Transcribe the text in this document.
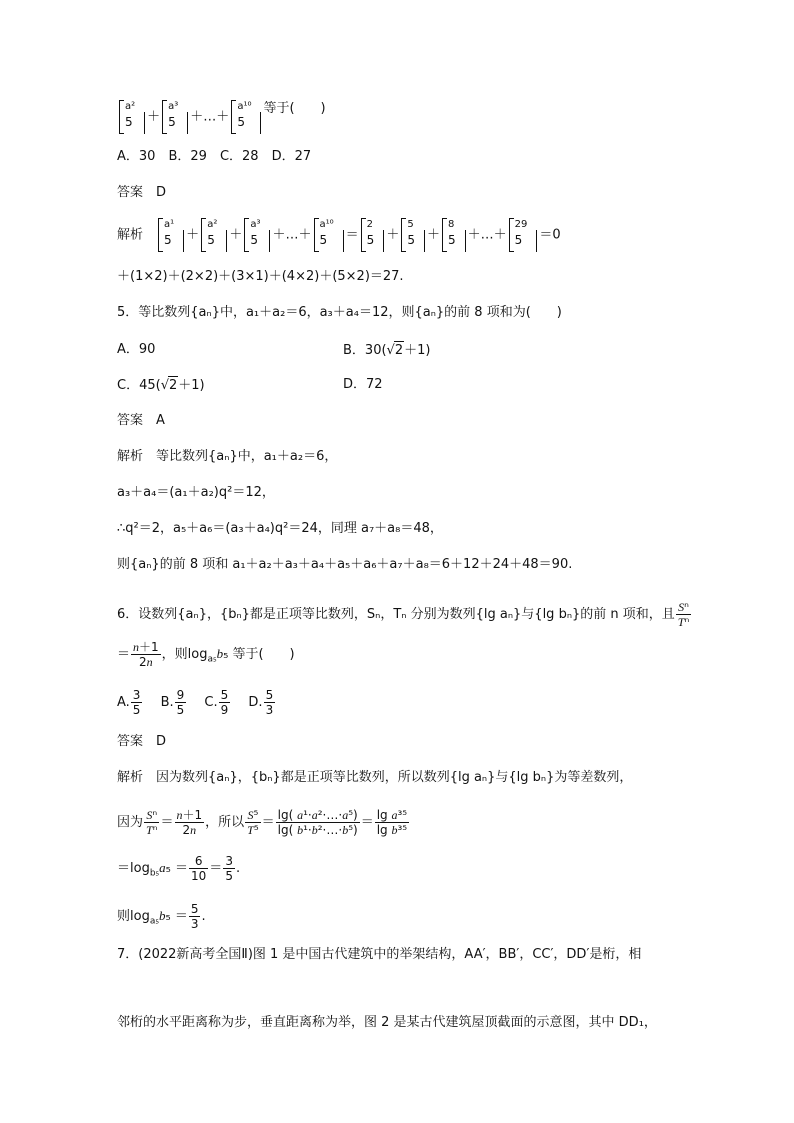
a²
5 ＋
a³
5 ＋…＋
a¹⁰
5
等于(　　)
A．30　 B．29　 C．28　 D．27
答案　 D
解析　
a¹
5 ＋
a²
5 ＋
a³
5 ＋…＋
a¹⁰
5	＝
2
5 ＋
5
5 ＋
8
5 ＋…＋
29
5	＝0
＋(1×2)＋(2×2)＋(3×1)＋(4×2)＋(5×2)＝27.
5．等比数列{aₙ}中，a₁＋a₂＝6，a₃＋a₄＝12，则{aₙ}的前 8 项和为(　　)
A．90	B．30(√2＋1)
C．45(√2＋1)	D．72
答案　 A
解析　 等比数列{aₙ}中，a₁＋a₂＝6，
a₃＋a₄＝(a₁＋a₂)q²＝12，
∴q²＝2，a₅＋a₆＝(a₃＋a₄)q²＝24，同理 a₇＋a₈＝48，
则{aₙ}的前 8 项和 a₁＋a₂＋a₃＋a₄＋a₅＋a₆＋a₇＋a₈＝6＋12＋24＋48＝90.
6．设数列{aₙ}，{bₙ}都是正项等比数列，Sₙ，Tₙ 分别为数列{lg aₙ}与{lg bₙ}的前 n 项和，且 $\frac{\text{Sⁿ}}{\text{Tⁿ}}$
＝ $\frac{n+1}{2n}$ ，则$\log_{a_5}b_5$ 等于(　　)
A. $\frac{3}{5}$
　 B. $\frac{9}{5}$
　 C. $\frac{5}{9}$
　 D. $\frac{5}{3}$
答案　 D
解析　 因为数列{aₙ}，{bₙ}都是正项等比数列，所以数列{lg aₙ}与{lg bₙ}为等差数列，
因为 $\frac{\text{Sⁿ}}{\text{Tⁿ}} = \frac{n+1}{2n}$ ，所以 $\frac{\text{S⁵}}{\text{T⁵}} = \frac{\text{lg( a¹·a²·…·a⁵)}}{\text{lg( b¹·b²·…·b⁵)}} = \frac{\text{lg a³⁵}}{\text{lg b³⁵}}$
$=\log_{b_5}a_5 = \frac{6}{10} = \frac{3}{5}$ .
则$\log_{a_5}b_5 = \frac{5}{3}$ .
7．(2022新高考全国Ⅱ)图 1 是中国古代建筑中的举架结构，AA′，BB′，CC′，DD′是桁，相
邻桁的水平距离称为步，垂直距离称为举，图 2 是某古代建筑屋顶截面的示意图，其中 DD₁，
